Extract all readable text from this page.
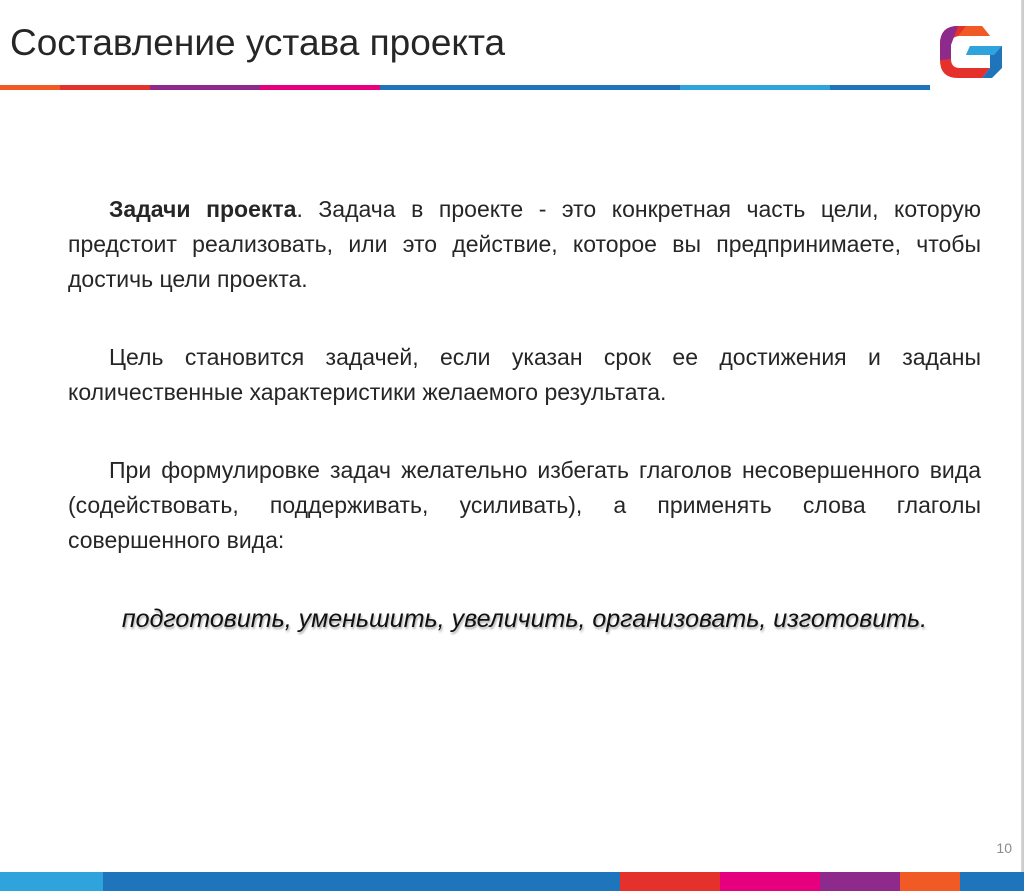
Составление устава проекта

Задачи проекта. Задача в проекте - это конкретная часть цели, которую предстоит реализовать, или это действие, которое вы предпринимаете, чтобы достичь цели проекта.

Цель становится задачей, если указан срок ее достижения и заданы количественные характеристики желаемого результата.

При формулировке задач желательно избегать глаголов несовершенного вида (содействовать, поддерживать, усиливать), а применять слова глаголы совершенного вида:

подготовить, уменьшить, увеличить, организовать, изготовить.

10
